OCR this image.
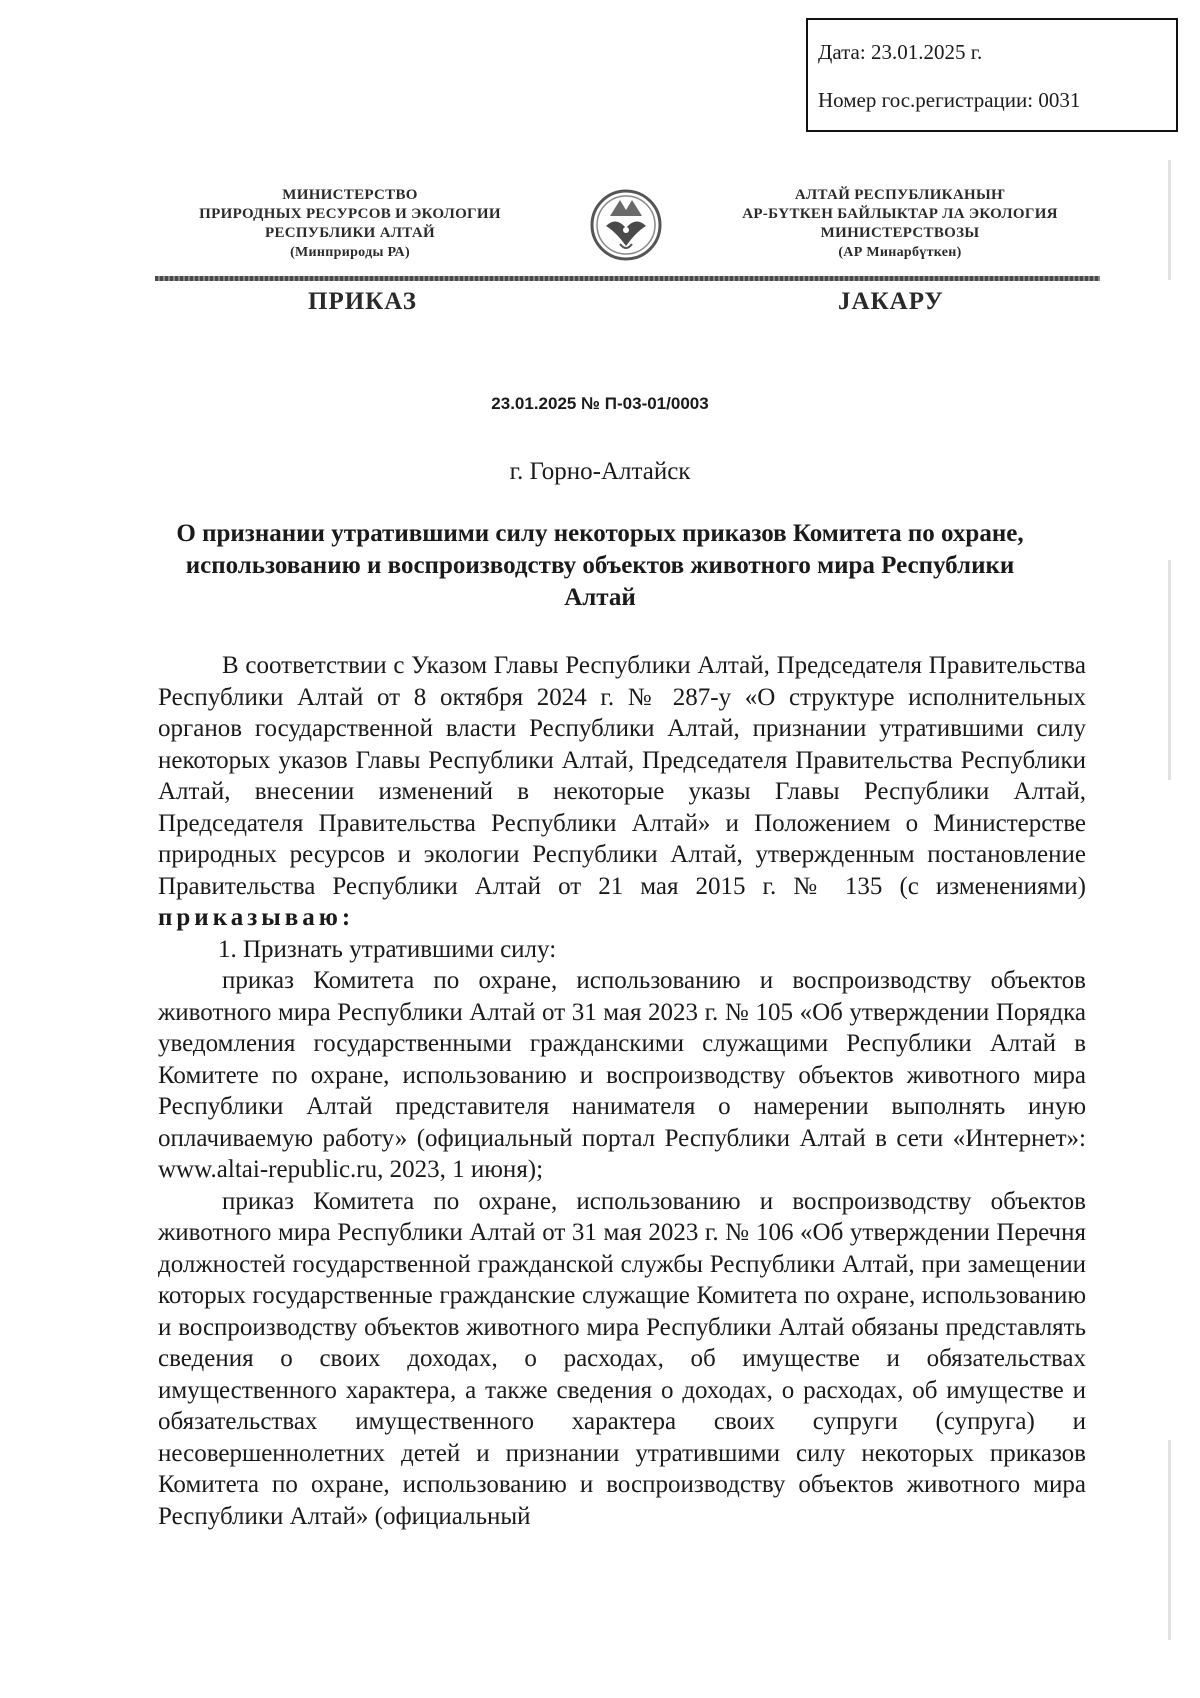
Дата: 23.01.2025 г.
Номер гос.регистрации: 0031
МИНИСТЕРСТВО
ПРИРОДНЫХ РЕСУРСОВ И ЭКОЛОГИИ
РЕСПУБЛИКИ АЛТАЙ
(Минприроды РА)
АЛТАЙ РЕСПУБЛИКАНЫҤ
АР-БҮТКЕН БАЙЛЫКТАР ЛА ЭКОЛОГИЯ
МИНИСТЕРСТВОЗЫ
(АР Минарбүткен)
ПРИКАЗ	ЈАКАРУ
23.01.2025 № П-03-01/0003
г. Горно-Алтайск
О признании утратившими силу некоторых приказов Комитета по охране, использованию и воспроизводству объектов животного мира Республики Алтай

В соответствии с Указом Главы Республики Алтай, Председателя Правительства Республики Алтай от 8 октября 2024 г. № 287-у «О структуре исполнительных органов государственной власти Республики Алтай, признании утратившими силу некоторых указов Главы Республики Алтай, Председателя Правительства Республики Алтай, внесении изменений в некоторые указы Главы Республики Алтай, Председателя Правительства Республики Алтай» и Положением о Министерстве природных ресурсов и экологии Республики Алтай, утвержденным постановление Правительства Республики Алтай от 21 мая 2015 г. № 135 (с изменениями) приказываю:

1. Признать утратившими силу:

приказ Комитета по охране, использованию и воспроизводству объектов животного мира Республики Алтай от 31 мая 2023 г. № 105 «Об утверждении Порядка уведомления государственными гражданскими служащими Республики Алтай в Комитете по охране, использованию и воспроизводству объектов животного мира Республики Алтай представителя нанимателя о намерении выполнять иную оплачиваемую работу» (официальный портал Республики Алтай в сети «Интернет»: www.altai-republic.ru, 2023, 1 июня);

приказ Комитета по охране, использованию и воспроизводству объектов животного мира Республики Алтай от 31 мая 2023 г. № 106 «Об утверждении Перечня должностей государственной гражданской службы Республики Алтай, при замещении которых государственные гражданские служащие Комитета по охране, использованию и воспроизводству объектов животного мира Республики Алтай обязаны представлять сведения о своих доходах, о расходах, об имуществе и обязательствах имущественного характера, а также сведения о доходах, о расходах, об имуществе и обязательствах имущественного характера своих супруги (супруга) и несовершеннолетних детей и признании утратившими силу некоторых приказов Комитета по охране, использованию и воспроизводству объектов животного мира Республики Алтай» (официальный
